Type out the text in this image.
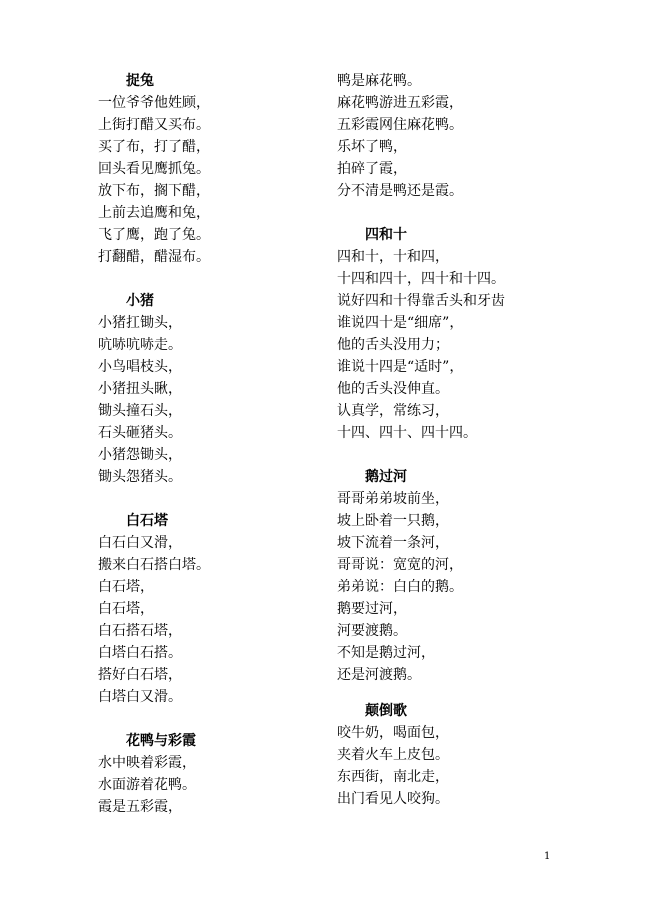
捉兔
一位爷爷他姓顾，
上街打醋又买布。
买了布，打了醋，
回头看见鹰抓兔。
放下布，搁下醋，
上前去追鹰和兔，
飞了鹰，跑了兔。
打翻醋，醋湿布。
小猪
小猪扛锄头，
吭哧吭哧走。
小鸟唱枝头，
小猪扭头瞅，
锄头撞石头，
石头砸猪头。
小猪怨锄头，
锄头怨猪头。
白石塔
白石白又滑，
搬来白石搭白塔。
白石塔，
白石塔，
白石搭石塔，
白塔白石搭。
搭好白石塔，
白塔白又滑。
花鸭与彩霞
水中映着彩霞，
水面游着花鸭。
霞是五彩霞，
鸭是麻花鸭。
麻花鸭游进五彩霞，
五彩霞网住麻花鸭。
乐坏了鸭，
拍碎了霞，
分不清是鸭还是霞。
四和十
四和十，十和四，
十四和四十，四十和十四。
说好四和十得靠舌头和牙齿
谁说四十是“细席”，
他的舌头没用力；
谁说十四是“适时”，
他的舌头没伸直。
认真学，常练习，
十四、四十、四十四。
鹅过河
哥哥弟弟坡前坐，
坡上卧着一只鹅，
坡下流着一条河，
哥哥说：宽宽的河，
弟弟说：白白的鹅。
鹅要过河，
河要渡鹅。
不知是鹅过河，
还是河渡鹅。
颠倒歌
咬牛奶，喝面包，
夹着火车上皮包。
东西街，南北走，
出门看见人咬狗。
1
